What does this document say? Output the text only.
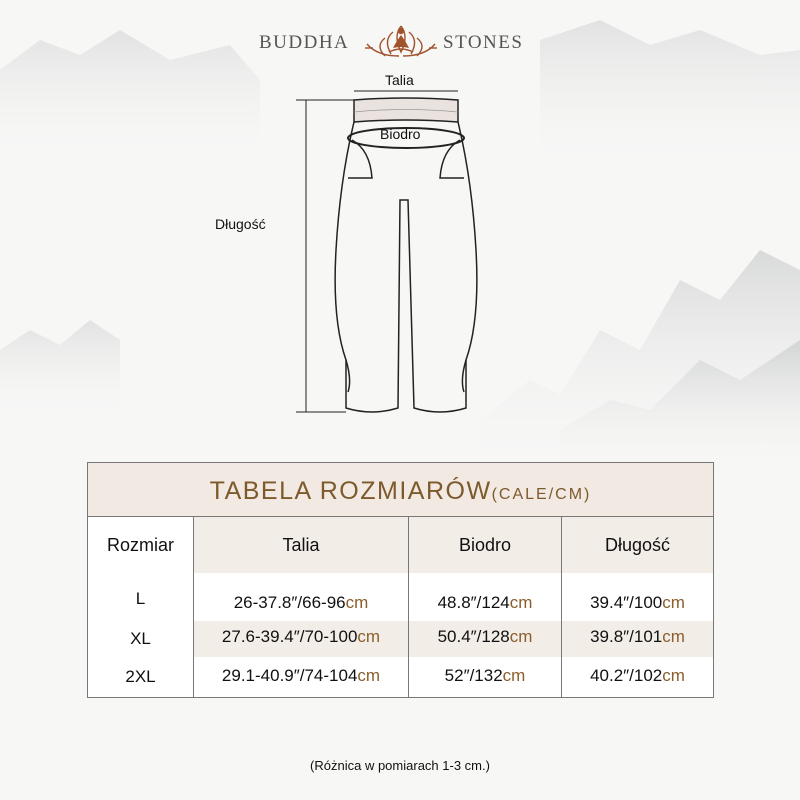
BUDDHA	STONES
Talia
Biodro
Długość
TABELA ROZMIARÓW(CALE/CM)
Rozmiar	Talia	Biodro	Długość
L	26-37.8″/66-96cm	48.8″/124cm	39.4″/100cm
XL	27.6-39.4″/70-100cm	50.4″/128cm	39.8″/101cm
2XL	29.1-40.9″/74-104cm	52″/132cm	40.2″/102cm
(Różnica w pomiarach 1-3 cm.)
